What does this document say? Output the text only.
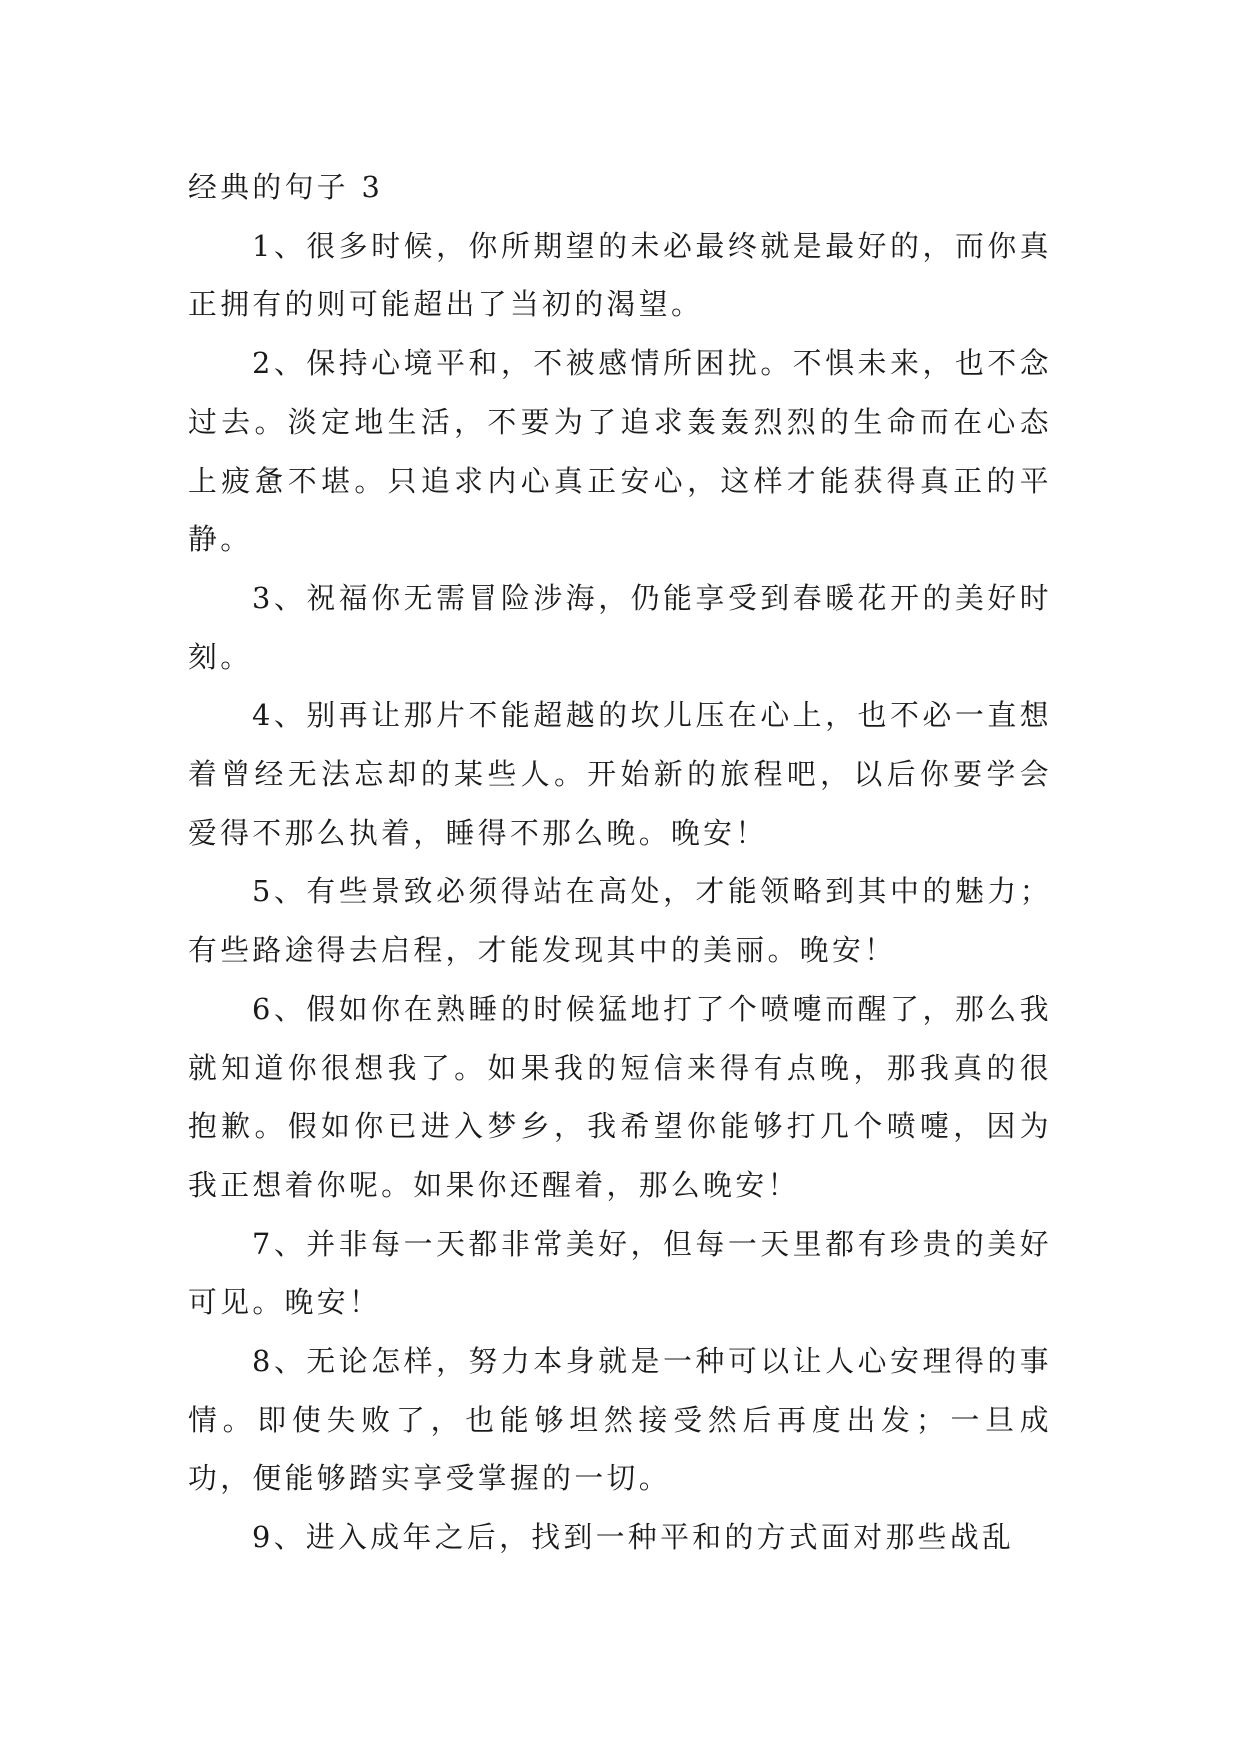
经典的句子 3

1、很多时候，你所期望的未必最终就是最好的，而你真正拥有的则可能超出了当初的渴望。

2、保持心境平和，不被感情所困扰。不惧未来，也不念过去。淡定地生活，不要为了追求轰轰烈烈的生命而在心态上疲惫不堪。只追求内心真正安心，这样才能获得真正的平静。

3、祝福你无需冒险涉海，仍能享受到春暖花开的美好时刻。

4、别再让那片不能超越的坎儿压在心上，也不必一直想着曾经无法忘却的某些人。开始新的旅程吧，以后你要学会爱得不那么执着，睡得不那么晚。晚安！

5、有些景致必须得站在高处，才能领略到其中的魅力；有些路途得去启程，才能发现其中的美丽。晚安！

6、假如你在熟睡的时候猛地打了个喷嚏而醒了，那么我就知道你很想我了。如果我的短信来得有点晚，那我真的很抱歉。假如你已进入梦乡，我希望你能够打几个喷嚏，因为我正想着你呢。如果你还醒着，那么晚安！

7、并非每一天都非常美好，但每一天里都有珍贵的美好可见。晚安！

8、无论怎样，努力本身就是一种可以让人心安理得的事情。即使失败了，也能够坦然接受然后再度出发；一旦成功，便能够踏实享受掌握的一切。

9、进入成年之后，找到一种平和的方式面对那些战乱
